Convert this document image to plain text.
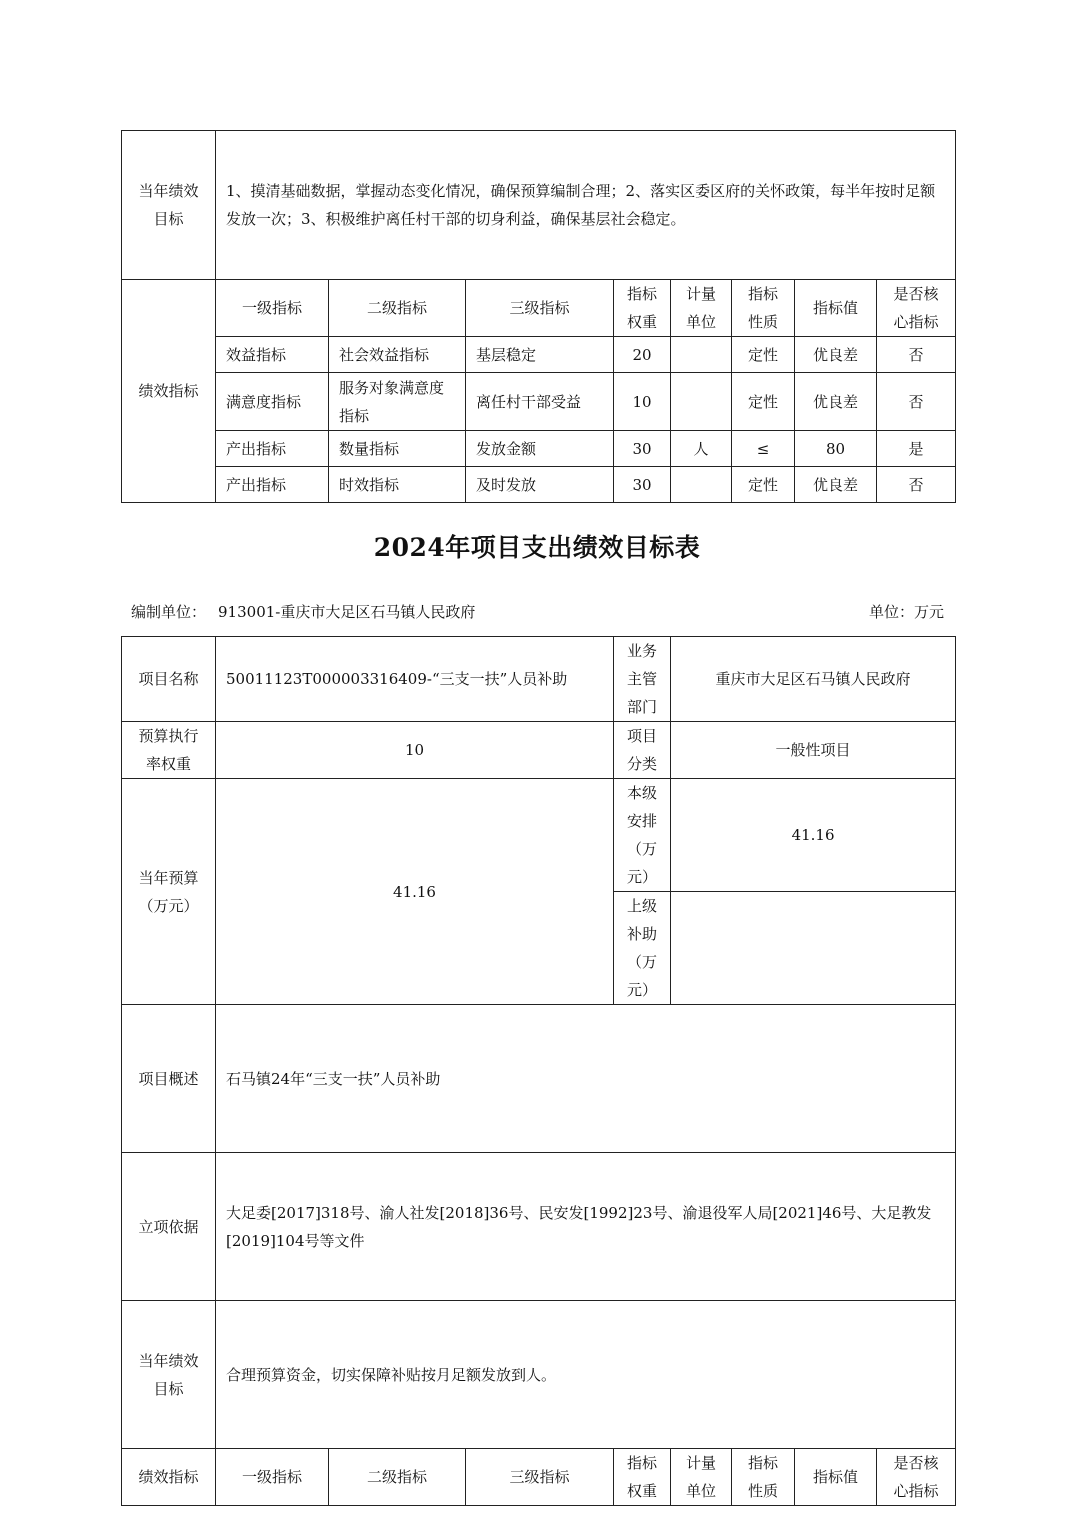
当年绩效目标	1、摸清基础数据，掌握动态变化情况，确保预算编制合理；2、落实区委区府的关怀政策，每半年按时足额发放一次；3、积极维护离任村干部的切身利益，确保基层社会稳定。							
绩效指标	一级指标	二级指标	三级指标	指标权重	计量单位	指标性质	指标值	是否核心指标
	效益指标	社会效益指标	基层稳定	20		定性	优良差	否
	满意度指标	服务对象满意度指标	离任村干部受益	10		定性	优良差	否
	产出指标	数量指标	发放金额	30	人	≤	80	是
	产出指标	时效指标	及时发放	30		定性	优良差	否
2024年项目支出绩效目标表
编制单位： 913001-重庆市大足区石马镇人民政府	单位：万元
项目名称	50011123T000003316409-“三支一扶”人员补助			业务主管部门	重庆市大足区石马镇人民政府			
预算执行率权重	10			项目分类	一般性项目			
当年预算（万元）	41.16			本级安排（万元）	41.16			
				上级补助（万元）				
项目概述	石马镇24年“三支一扶”人员补助							
立项依据	大足委[2017]318号、渝人社发[2018]36号、民安发[1992]23号、渝退役军人局[2021]46号、大足教发[2019]104号等文件							
当年绩效目标	合理预算资金，切实保障补贴按月足额发放到人。							
绩效指标	一级指标	二级指标	三级指标	指标权重	计量单位	指标性质	指标值	是否核心指标
